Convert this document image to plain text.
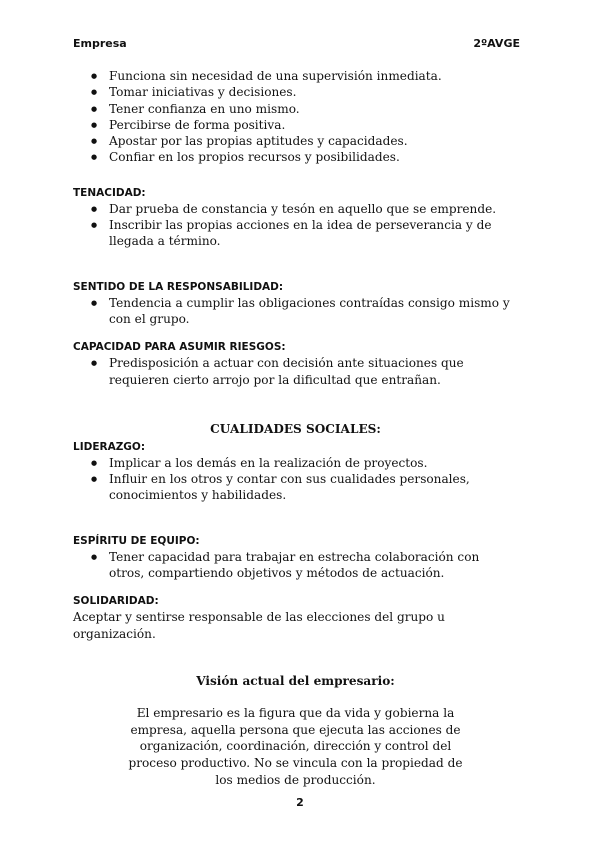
Empresa	2ºAVGE
● Funciona sin necesidad de una supervisión inmediata.
● Tomar iniciativas y decisiones.
● Tener confianza en uno mismo.
● Percibirse de forma positiva.
● Apostar por las propias aptitudes y capacidades.
● Confiar en los propios recursos y posibilidades.
TENACIDAD:
● Dar prueba de constancia y tesón en aquello que se emprende.
● Inscribir las propias acciones en la idea de perseverancia y de llegada a término.
SENTIDO DE LA RESPONSABILIDAD:
● Tendencia a cumplir las obligaciones contraídas consigo mismo y con el grupo.
CAPACIDAD PARA ASUMIR RIESGOS:
● Predisposición a actuar con decisión ante situaciones que requieren cierto arrojo por la dificultad que entrañan.
CUALIDADES SOCIALES:
LIDERAZGO:
● Implicar a los demás en la realización de proyectos.
● Influir en los otros y contar con sus cualidades personales, conocimientos y habilidades.
ESPÍRITU DE EQUIPO:
● Tener capacidad para trabajar en estrecha colaboración con otros, compartiendo objetivos y métodos de actuación.
SOLIDARIDAD:
Aceptar y sentirse responsable de las elecciones del grupo u organización.
Visión actual del empresario:
El empresario es la figura que da vida y gobierna la empresa, aquella persona que ejecuta las acciones de organización, coordinación, dirección y control del proceso productivo. No se vincula con la propiedad de los medios de producción.
2
